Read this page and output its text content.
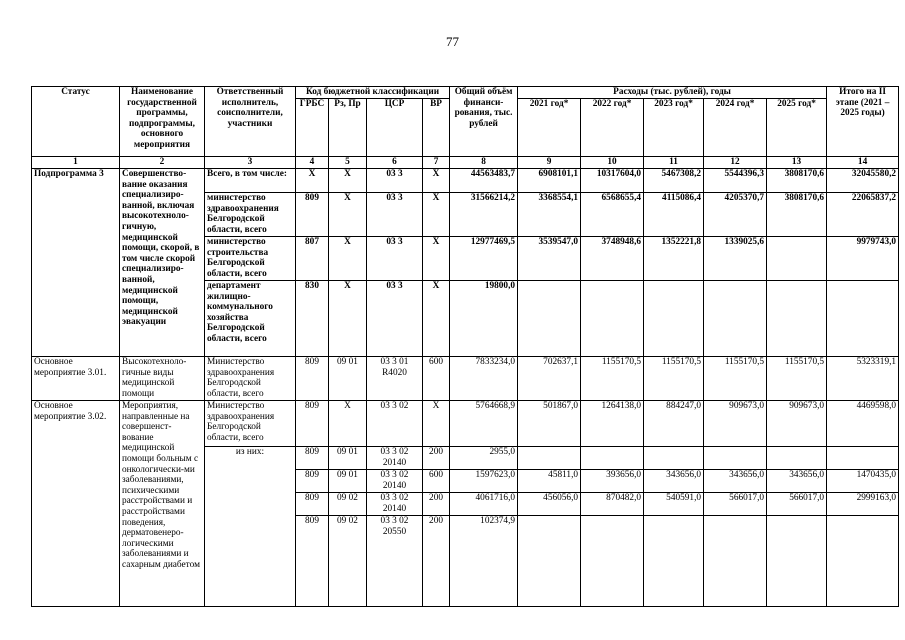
77
Статус	Наименование государственной программы, подпрограммы, основного мероприятия	Ответственный исполнитель, соисполнители, участники	Код бюджетной классификации				Общий объём финанси-рования, тыс. рублей	Расходы (тыс. рублей), годы					Итого на II этапе (2021 – 2025 годы)
			ГРБС	Рз, Пр	ЦСР	ВР		2021 год*	2022 год*	2023 год*	2024 год*	2025 год*	
1	2	3	4	5	6	7	8	9	10	11	12	13	14
Подпрограмма 3	Совершенство-вание оказания специализиро-ванной, включая высокотехноло-гичную, медицинской помощи, скорой, в том числе скорой специализиро-ванной, медицинской помощи, медицинской эвакуации	Всего, в том числе:	Х	Х	03 3	Х	44563483,7	6908101,1	10317604,0	5467308,2	5544396,3	3808170,6	32045580,2
		министерство здравоохранения Белгородской области, всего	809	Х	03 3	Х	31566214,2	3368554,1	6568655,4	4115086,4	4205370,7	3808170,6	22065837,2
		министерство строительства Белгородской области, всего	807	Х	03 3	Х	12977469,5	3539547,0	3748948,6	1352221,8	1339025,6		9979743,0
		департамент жилищно-коммунального хозяйства Белгородской области, всего	830	Х	03 3	Х	19800,0						
Основное мероприятие 3.01.	Высокотехноло-гичные виды медицинской помощи	Министерство здравоохранения Белгородской области, всего	809	09 01	03 3 01 R4020	600	7833234,0	702637,1	1155170,5	1155170,5	1155170,5	1155170,5	5323319,1
Основное мероприятие 3.02.	Мероприятия, направленные на совершенст-вование медицинской помощи больным с онкологически-ми заболеваниями, психическими расстройствами и расстройствами поведения, дерматовенеро-логическими заболеваниями и сахарным диабетом	Министерство здравоохранения Белгородской области, всего	809	Х	03 3 02	Х	5764668,9	501867,0	1264138,0	884247,0	909673,0	909673,0	4469598,0
		из них:	809	09 01	03 3 02 20140	200	2955,0						
			809	09 01	03 3 02 20140	600	1597623,0	45811,0	393656,0	343656,0	343656,0	343656,0	1470435,0
			809	09 02	03 3 02 20140	200	4061716,0	456056,0	870482,0	540591,0	566017,0	566017,0	2999163,0
			809	09 02	03 3 02 20550	200	102374,9						
